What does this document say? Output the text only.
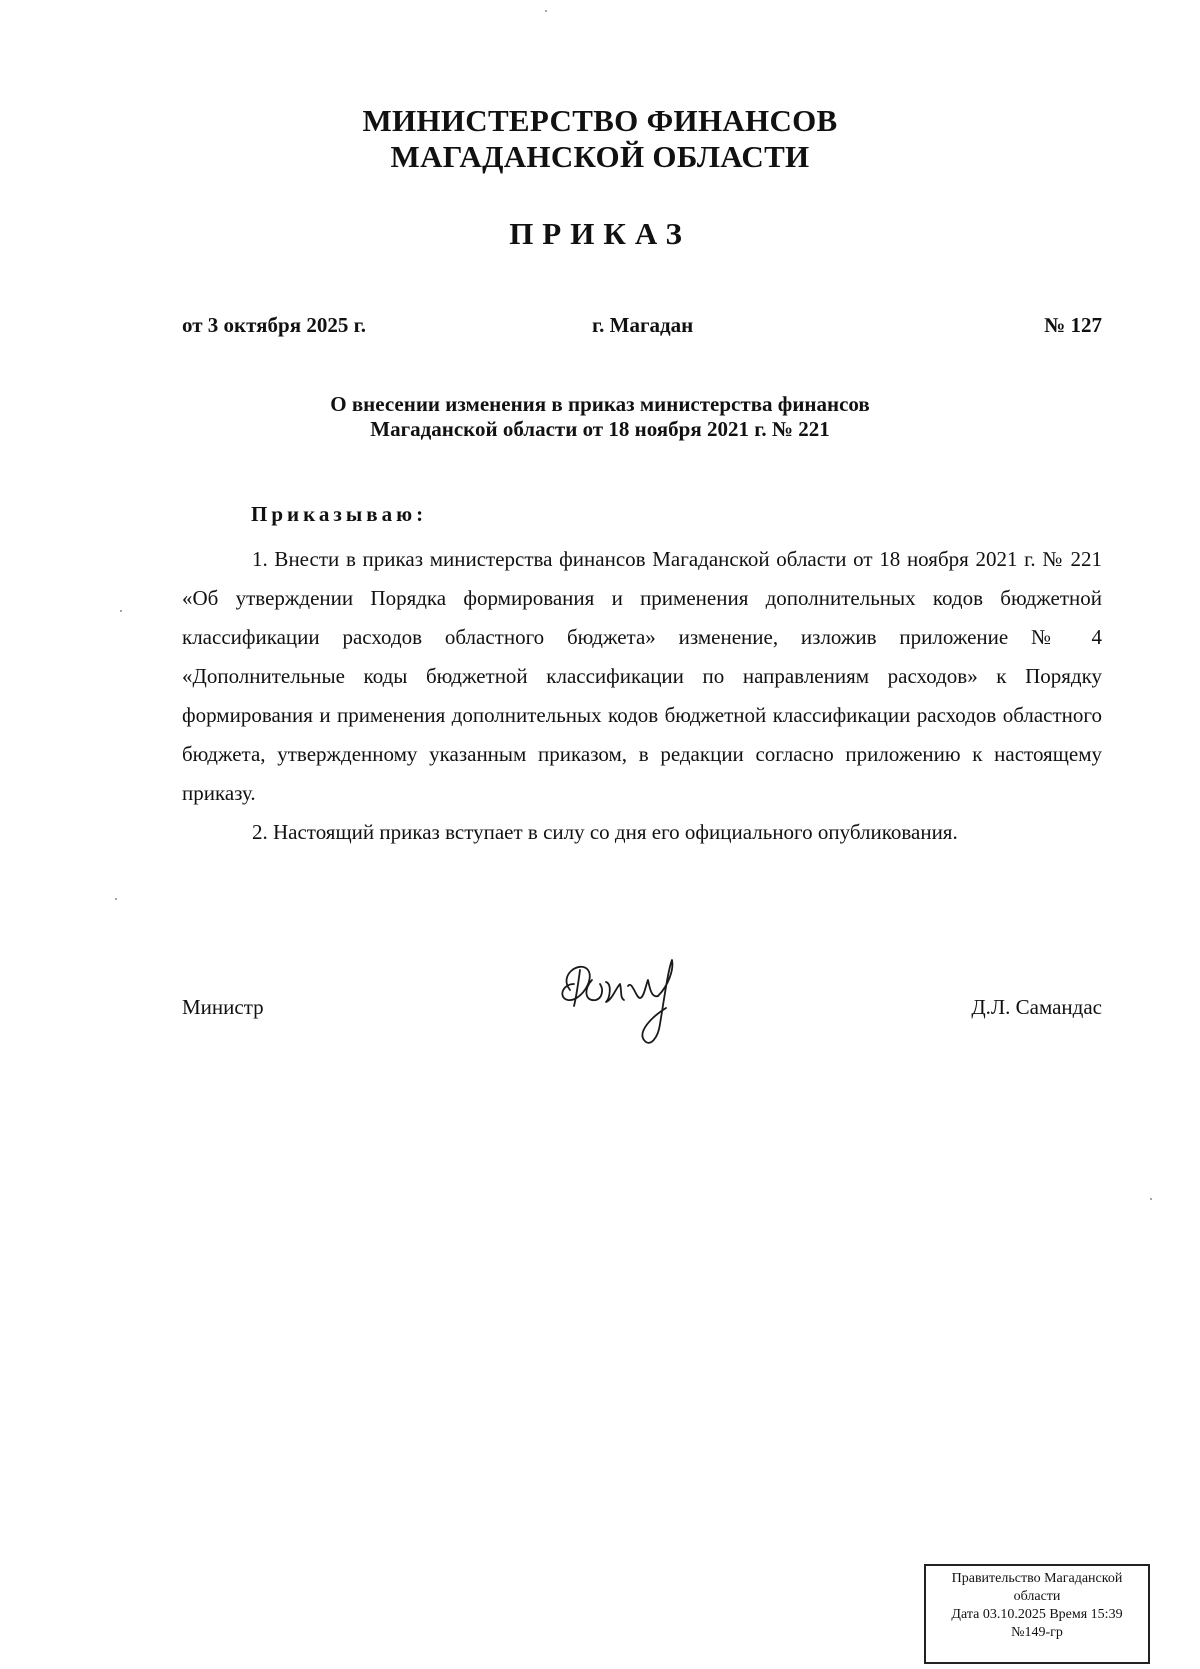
МИНИСТЕРСТВО ФИНАНСОВ
МАГАДАНСКОЙ ОБЛАСТИ
ПРИКАЗ
от 3 октября 2025 г.	г. Магадан	№ 127
О внесении изменения в приказ министерства финансов
Магаданской области от 18 ноября 2021 г. № 221
Приказываю:

1. Внести в приказ министерства финансов Магаданской области от 18 ноября 2021 г. № 221 «Об утверждении Порядка формирования и применения дополнительных кодов бюджетной классификации расходов областного бюджета» изменение, изложив приложение № 4 «Дополнительные коды бюджетной классификации по направлениям расходов» к Порядку формирования и применения дополнительных кодов бюджетной классификации расходов областного бюджета, утвержденному указанным приказом, в редакции согласно приложению к настоящему приказу.

2. Настоящий приказ вступает в силу со дня его официального опубликования.

Министр	Д.Л. Самандас
Правительство Магаданской
области
Дата 03.10.2025 Время 15:39
№149-гр
